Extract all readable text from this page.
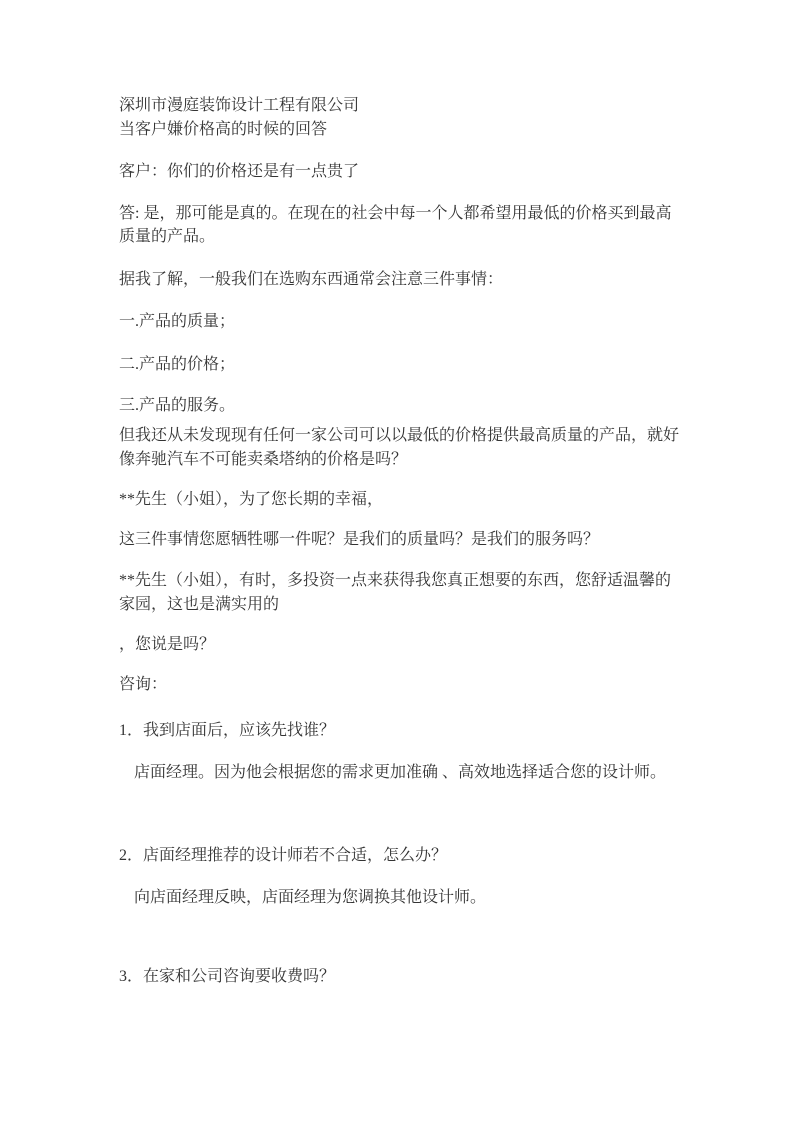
深圳市漫庭装饰设计工程有限公司
当客户嫌价格高的时候的回答
客户：你们的价格还是有一点贵了
答: 是，那可能是真的。在现在的社会中每一个人都希望用最低的价格买到最高
质量的产品。
据我了解，一般我们在选购东西通常会注意三件事情：
一.产品的质量；
二.产品的价格；
三.产品的服务。
但我还从未发现现有任何一家公司可以以最低的价格提供最高质量的产品，就好
像奔驰汽车不可能卖桑塔纳的价格是吗？
**先生（小姐），为了您长期的幸福，
这三件事情您愿牺牲哪一件呢？是我们的质量吗？是我们的服务吗？
**先生（小姐），有时，多投资一点来获得我您真正想要的东西，您舒适温馨的
家园，这也是满实用的
，您说是吗？
咨询：
1．我到店面后，应该先找谁？
店面经理。因为他会根据您的需求更加准确 、高效地选择适合您的设计师。
2．店面经理推荐的设计师若不合适，怎么办？
向店面经理反映，店面经理为您调换其他设计师。
3．在家和公司咨询要收费吗？
